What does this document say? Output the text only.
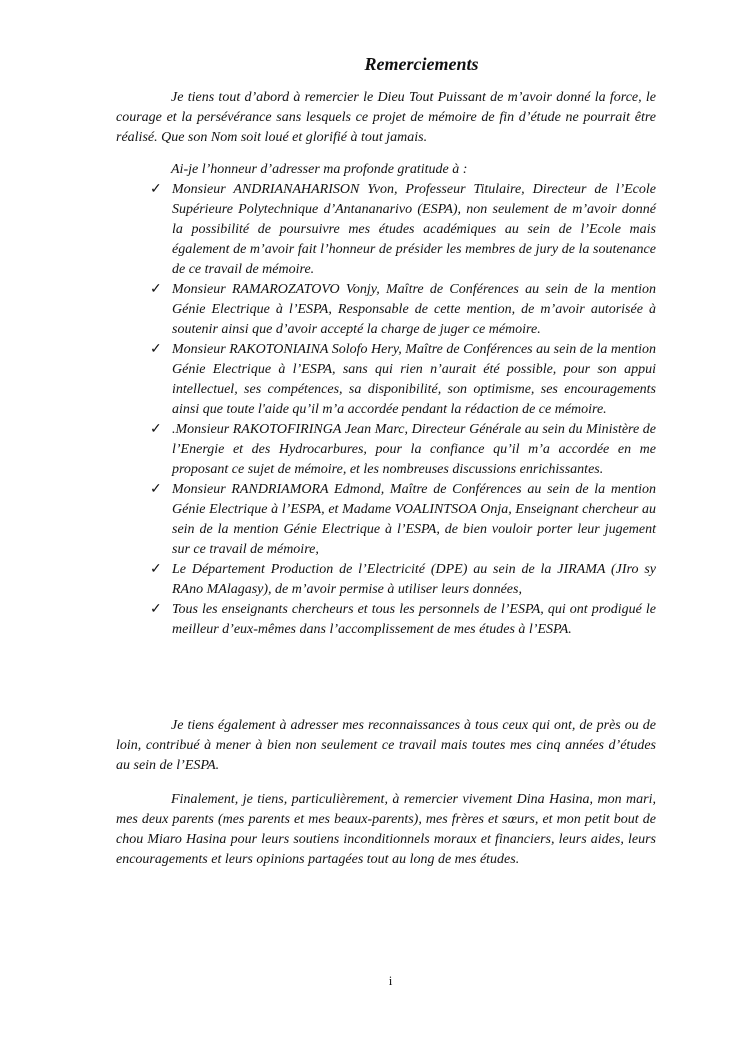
Remerciements

Je tiens tout d’abord à remercier le Dieu Tout Puissant de m’avoir donné la force, le courage et la persévérance sans lesquels ce projet de mémoire de fin d’étude ne pourrait être réalisé. Que son Nom soit loué et glorifié à tout jamais.

Ai-je l’honneur d’adresser ma profonde gratitude à :
✓ Monsieur ANDRIANAHARISON Yvon, Professeur Titulaire, Directeur de l’Ecole Supérieure Polytechnique d’Antananarivo (ESPA), non seulement de m’avoir donné la possibilité de poursuivre mes études académiques au sein de l’Ecole mais également de m’avoir fait l’honneur de présider les membres de jury de la soutenance de ce travail de mémoire.
✓ Monsieur RAMAROZATOVO Vonjy, Maître de Conférences au sein de la mention Génie Electrique à l’ESPA, Responsable de cette mention, de m’avoir autorisée à soutenir ainsi que d’avoir accepté la charge de juger ce mémoire.
✓ Monsieur RAKOTONIAINA Solofo Hery, Maître de Conférences au sein de la mention Génie Electrique à l’ESPA, sans qui rien n’aurait été possible, pour son appui intellectuel, ses compétences, sa disponibilité, son optimisme, ses encouragements ainsi que toute l'aide qu’il m’a accordée pendant la rédaction de ce mémoire.
✓ .Monsieur RAKOTOFIRINGA Jean Marc, Directeur Générale au sein du Ministère de l’Energie et des Hydrocarbures, pour la confiance qu’il m’a accordée en me proposant ce sujet de mémoire, et les nombreuses discussions enrichissantes.
✓ Monsieur RANDRIAMORA Edmond, Maître de Conférences au sein de la mention Génie Electrique à l’ESPA, et Madame VOALINTSOA Onja, Enseignant chercheur au sein de la mention Génie Electrique à l’ESPA, de bien vouloir porter leur jugement sur ce travail de mémoire,
✓ Le Département Production de l’Electricité (DPE) au sein de la JIRAMA (JIro sy RAno MAlagasy), de m’avoir permise à utiliser leurs données,
✓ Tous les enseignants chercheurs et tous les personnels de l’ESPA, qui ont prodigué le meilleur d’eux-mêmes dans l’accomplissement de mes études à l’ESPA.

Je tiens également à adresser mes reconnaissances à tous ceux qui ont, de près ou de loin, contribué à mener à bien non seulement ce travail mais toutes mes cinq années d’études au sein de l’ESPA.

Finalement, je tiens, particulièrement, à remercier vivement Dina Hasina, mon mari, mes deux parents (mes parents et mes beaux-parents), mes frères et sœurs, et mon petit bout de chou Miaro Hasina pour leurs soutiens inconditionnels moraux et financiers, leurs aides, leurs encouragements et leurs opinions partagées tout au long de mes études.

i
